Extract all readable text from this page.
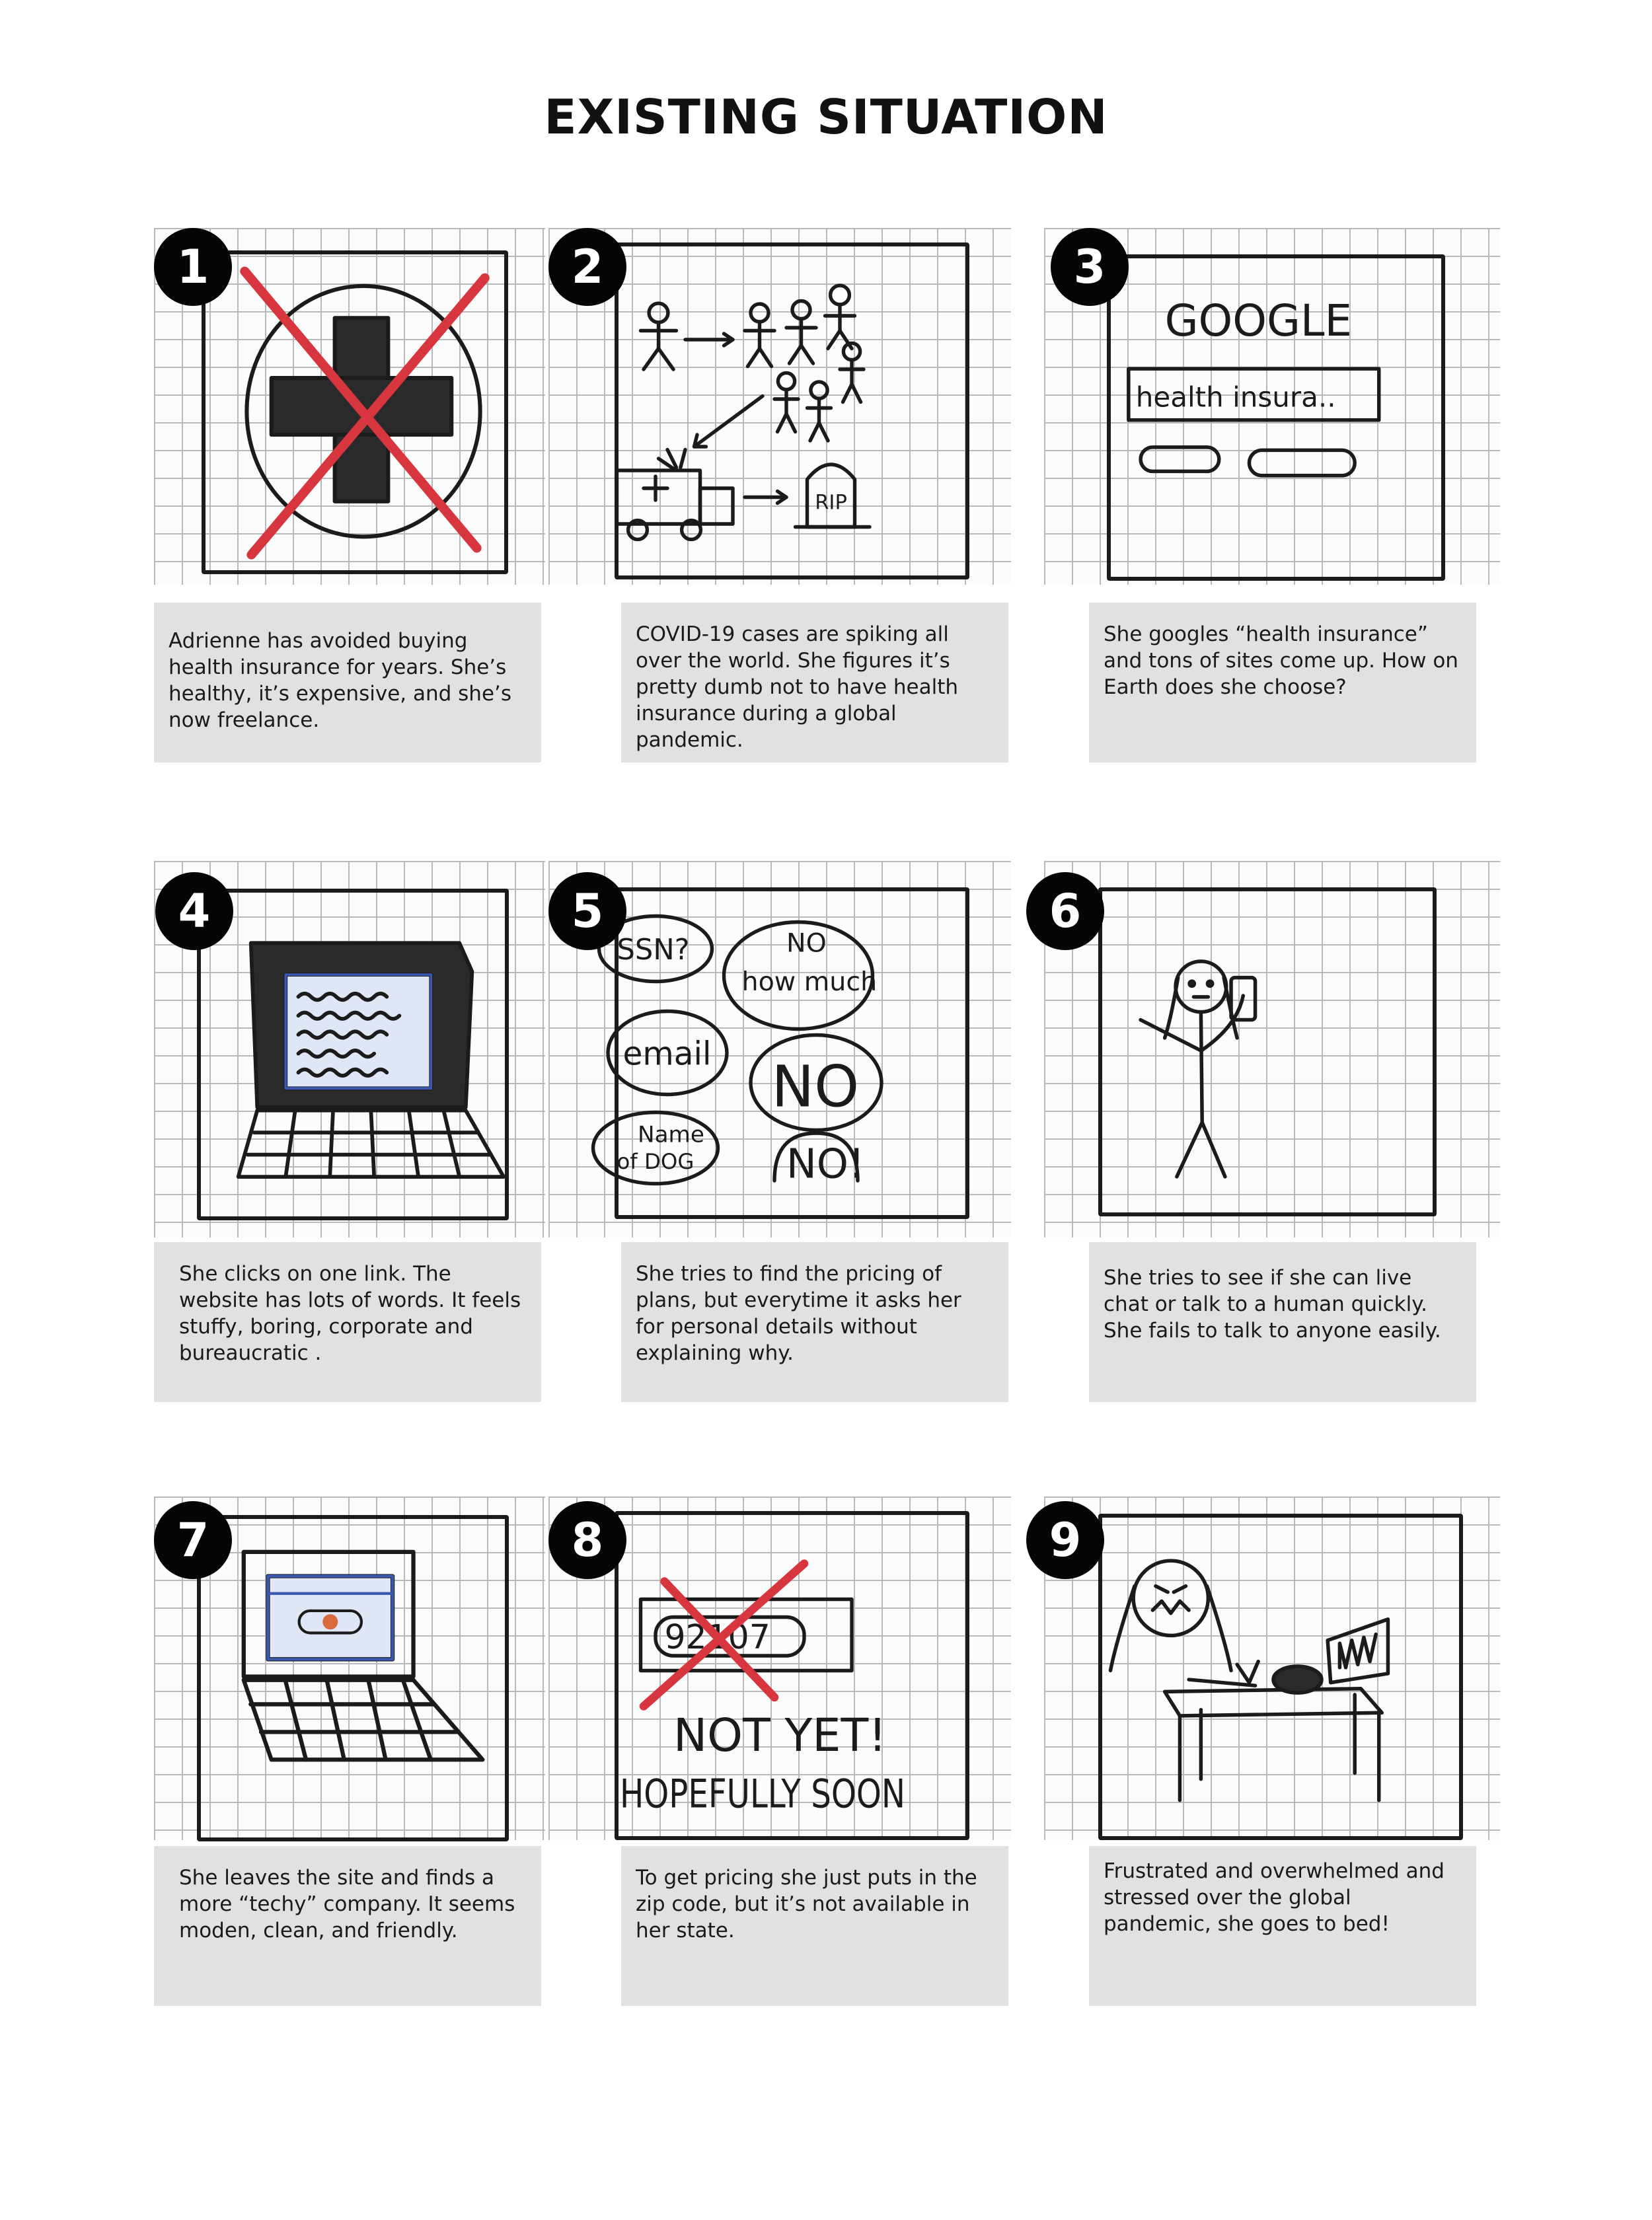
EXISTING SITUATION
RIP
GOOGLE
health insura..
SSN?	NO
how much
email NO
Name
of DOG NO!
92107
NOT YET!
HOPEFULLY SOON
1	2	3
4	5	6
7	8	9

Adrienne has avoided buying health insurance for years. She’s healthy, it’s expensive, and she’s now freelance.

COVID-19 cases are spiking all over the world. She figures it’s pretty dumb not to have health insurance during a global pandemic.

She googles “health insurance” and tons of sites come up. How on Earth does she choose?

She clicks on one link. The website has lots of words. It feels stuffy, boring, corporate and bureaucratic .

She tries to find the pricing of plans, but everytime it asks her for personal details without explaining why.

She tries to see if she can live chat or talk to a human quickly. She fails to talk to anyone easily.

She leaves the site and finds a more “techy” company. It seems moden, clean, and friendly.

To get pricing she just puts in the zip code, but it’s not available in her state.

Frustrated and overwhelmed and stressed over the global pandemic, she goes to bed!
